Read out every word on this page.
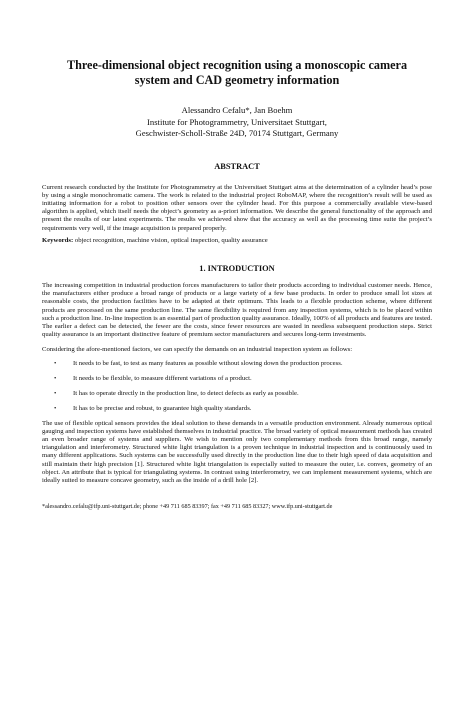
Three-dimensional object recognition using a monoscopic camera
system and CAD geometry information
Alessandro Cefalu*, Jan Boehm
Institute for Photogrammetry, Universitaet Stuttgart,
Geschwister-Scholl-Straße 24D, 70174 Stuttgart, Germany
ABSTRACT

Current research conducted by the Institute for Photogrammetry at the Universitaet Stuttgart aims at the determination of a cylinder head’s pose by using a single monochromatic camera. The work is related to the industrial project RoboMAP, where the recognition’s result will be used as initiating information for a robot to position other sensors over the cylinder head. For this purpose a commercially available view-based algorithm is applied, which itself needs the object’s geometry as a-priori information. We describe the general functionality of the approach and present the results of our latest experiments. The results we achieved show that the accuracy as well as the processing time suite the project’s requirements very well, if the image acquisition is prepared properly.

Keywords: object recognition, machine vision, optical inspection, quality assurance
1. INTRODUCTION

The increasing competition in industrial production forces manufacturers to tailor their products according to individual customer needs. Hence, the manufacturers either produce a broad range of products or a large variety of a few base products. In order to produce small lot sizes at reasonable costs, the production facilities have to be adapted at their optimum. This leads to a flexible production scheme, where different products are processed on the same production line. The same flexibility is required from any inspection systems, which is to be placed within such a production line. In-line inspection is an essential part of production quality assurance. Ideally, 100% of all products and features are tested. The earlier a defect can be detected, the fewer are the costs, since fewer resources are wasted in needless subsequent production steps. Strict quality assurance is an important distinctive feature of premium sector manufacturers and secures long-term investments.

Considering the afore-mentioned factors, we can specify the demands on an industrial inspection system as follows:

• It needs to be fast, to test as many features as possible without slowing down the production process.
• It needs to be flexible, to measure different variations of a product.
• It has to operate directly in the production line, to detect defects as early as possible.
• It has to be precise and robust, to guarantee high quality standards.

The use of flexible optical sensors provides the ideal solution to these demands in a versatile production environment. Already numerous optical gauging and inspection systems have established themselves in industrial practice. The broad variety of optical measurement methods has created an even broader range of systems and suppliers. We wish to mention only two complementary methods from this broad range, namely triangulation and interferometry. Structured white light triangulation is a proven technique in industrial inspection and is continuously used in many different applications. Such systems can be successfully used directly in the production line due to their high speed of data acquisition and still maintain their high precision [1]. Structured white light triangulation is especially suited to measure the outer, i.e. convex, geometry of an object. An attribute that is typical for triangulating systems. In contrast using interferometry, we can implement measurement systems, which are ideally suited to measure concave geometry, such as the inside of a drill hole [2].

*alessandro.cefalu@ifp.uni-stuttgart.de; phone +49 711 685 83397; fax +49 711 685 83327; www.ifp.uni-stuttgart.de
